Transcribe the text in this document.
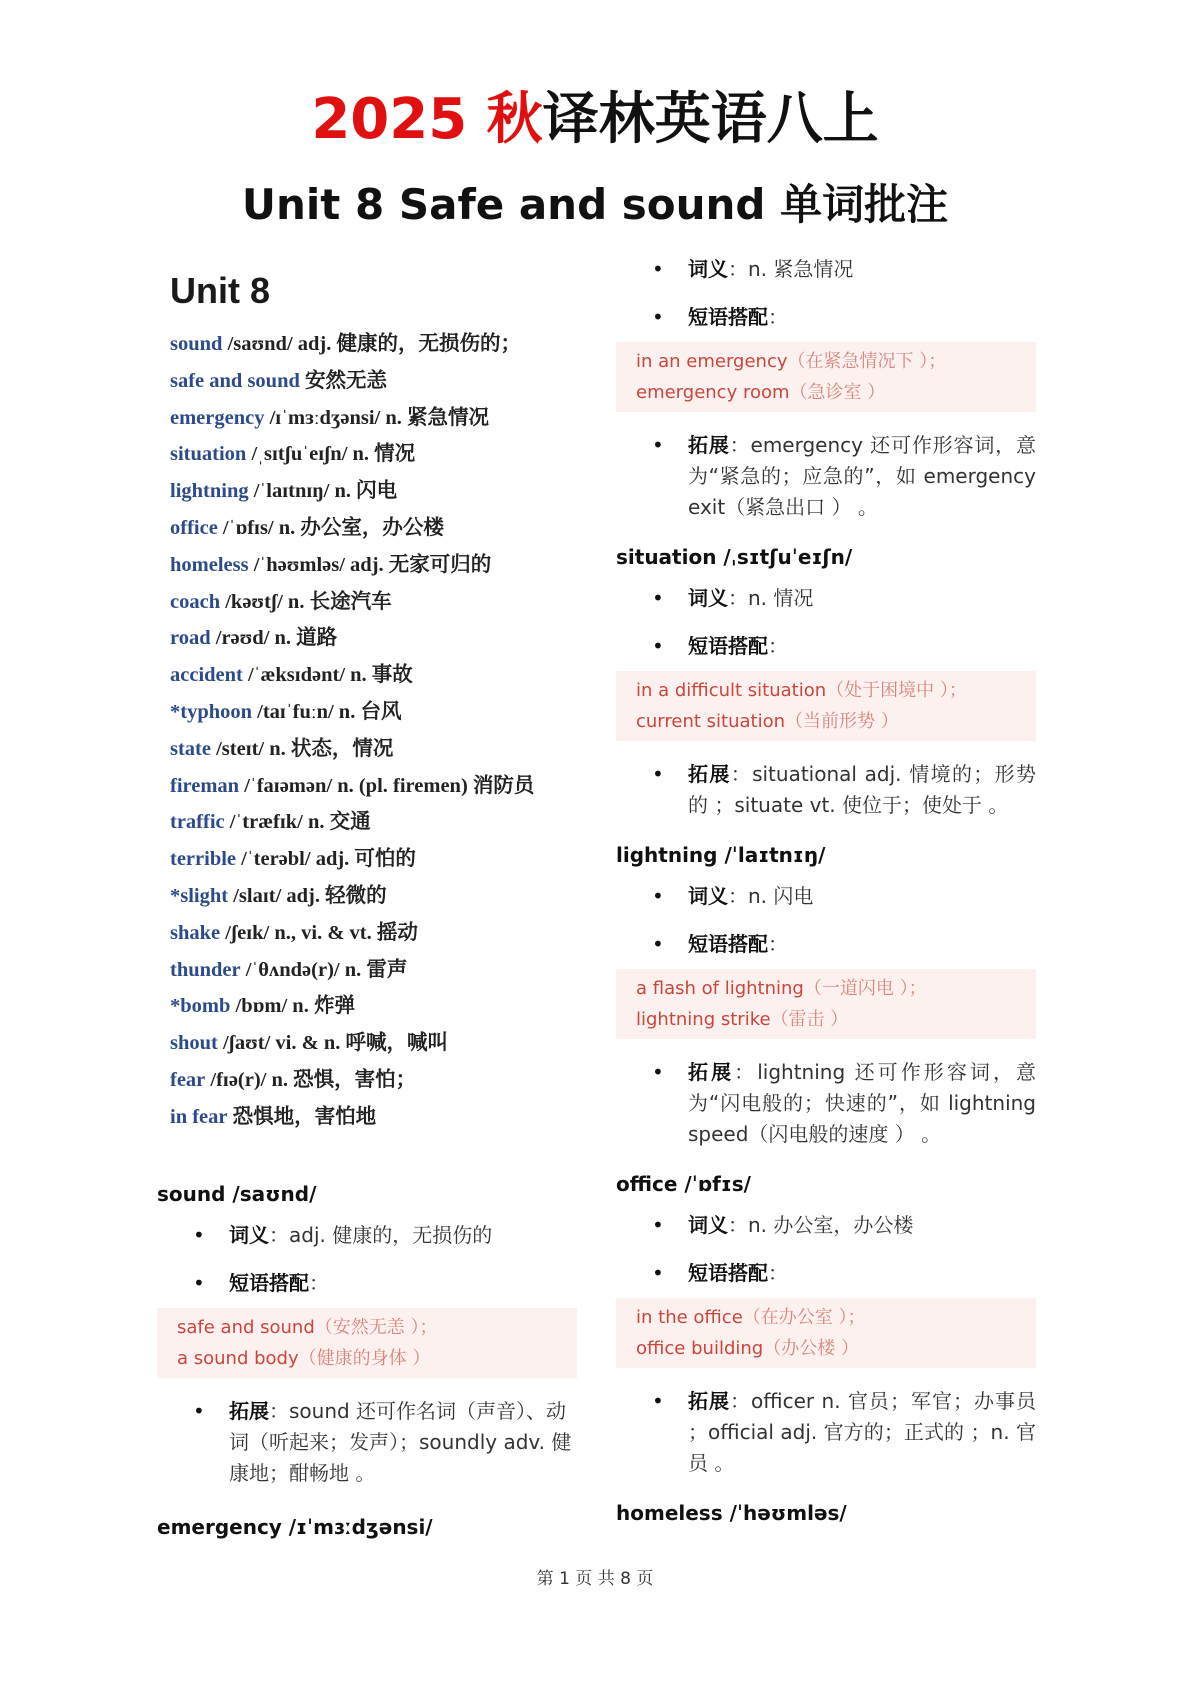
2025 秋译林英语八上
Unit 8 Safe and sound 单词批注
Unit 8
sound /saʊnd/ adj. 健康的，无损伤的；
safe and sound 安然无恙
emergency /ɪˈmɜːdʒənsi/ n. 紧急情况
situation /ˌsɪtʃuˈeɪʃn/ n. 情况
lightning /ˈlaɪtnɪŋ/ n. 闪电
office /ˈɒfɪs/ n. 办公室，办公楼
homeless /ˈhəʊmləs/ adj. 无家可归的
coach /kəʊtʃ/ n. 长途汽车
road /rəʊd/ n. 道路
accident /ˈæksɪdənt/ n. 事故
*typhoon /taɪˈfuːn/ n. 台风
state /steɪt/ n. 状态，情况
fireman /ˈfaɪəmən/ n. (pl. firemen) 消防员
traffic /ˈtræfɪk/ n. 交通
terrible /ˈterəbl/ adj. 可怕的
*slight /slaɪt/ adj. 轻微的
shake /ʃeɪk/ n., vi. & vt. 摇动
thunder /ˈθʌndə(r)/ n. 雷声
*bomb /bɒm/ n. 炸弹
shout /ʃaʊt/ vi. & n. 呼喊，喊叫
fear /fɪə(r)/ n. 恐惧，害怕；
in fear 恐惧地，害怕地
sound /saʊnd/
• 词义：adj. 健康的，无损伤的
• 短语搭配：
safe and sound（安然无恙 ）；
a sound body（健康的身体 ）
• 拓展：sound 还可作名词（声音）、动词（听起来；发声）；soundly adv. 健康地；酣畅地 。
emergency /ɪˈmɜːdʒənsi/
• 词义：n. 紧急情况
• 短语搭配：
in an emergency（在紧急情况下 ）；
emergency room（急诊室 ）
• 拓展：emergency 还可作形容词，意为“紧急的；应急的”，如 emergency exit（紧急出口 ） 。
situation /ˌsɪtʃuˈeɪʃn/
• 词义：n. 情况
• 短语搭配：
in a difficult situation（处于困境中 ）；
current situation（当前形势 ）
• 拓展：situational adj. 情境的；形势的 ；situate vt. 使位于；使处于 。
lightning /ˈlaɪtnɪŋ/
• 词义：n. 闪电
• 短语搭配：
a flash of lightning（一道闪电 ）；
lightning strike（雷击 ）
• 拓展：lightning 还可作形容词，意为“闪电般的；快速的”，如 lightning speed（闪电般的速度 ） 。
office /ˈɒfɪs/
• 词义：n. 办公室，办公楼
• 短语搭配：
in the office（在办公室 ）；
office building（办公楼 ）
• 拓展：officer n. 官员；军官；办事员 ；official adj. 官方的；正式的 ；n. 官员 。
homeless /ˈhəʊmləs/
第 1 页 共 8 页
